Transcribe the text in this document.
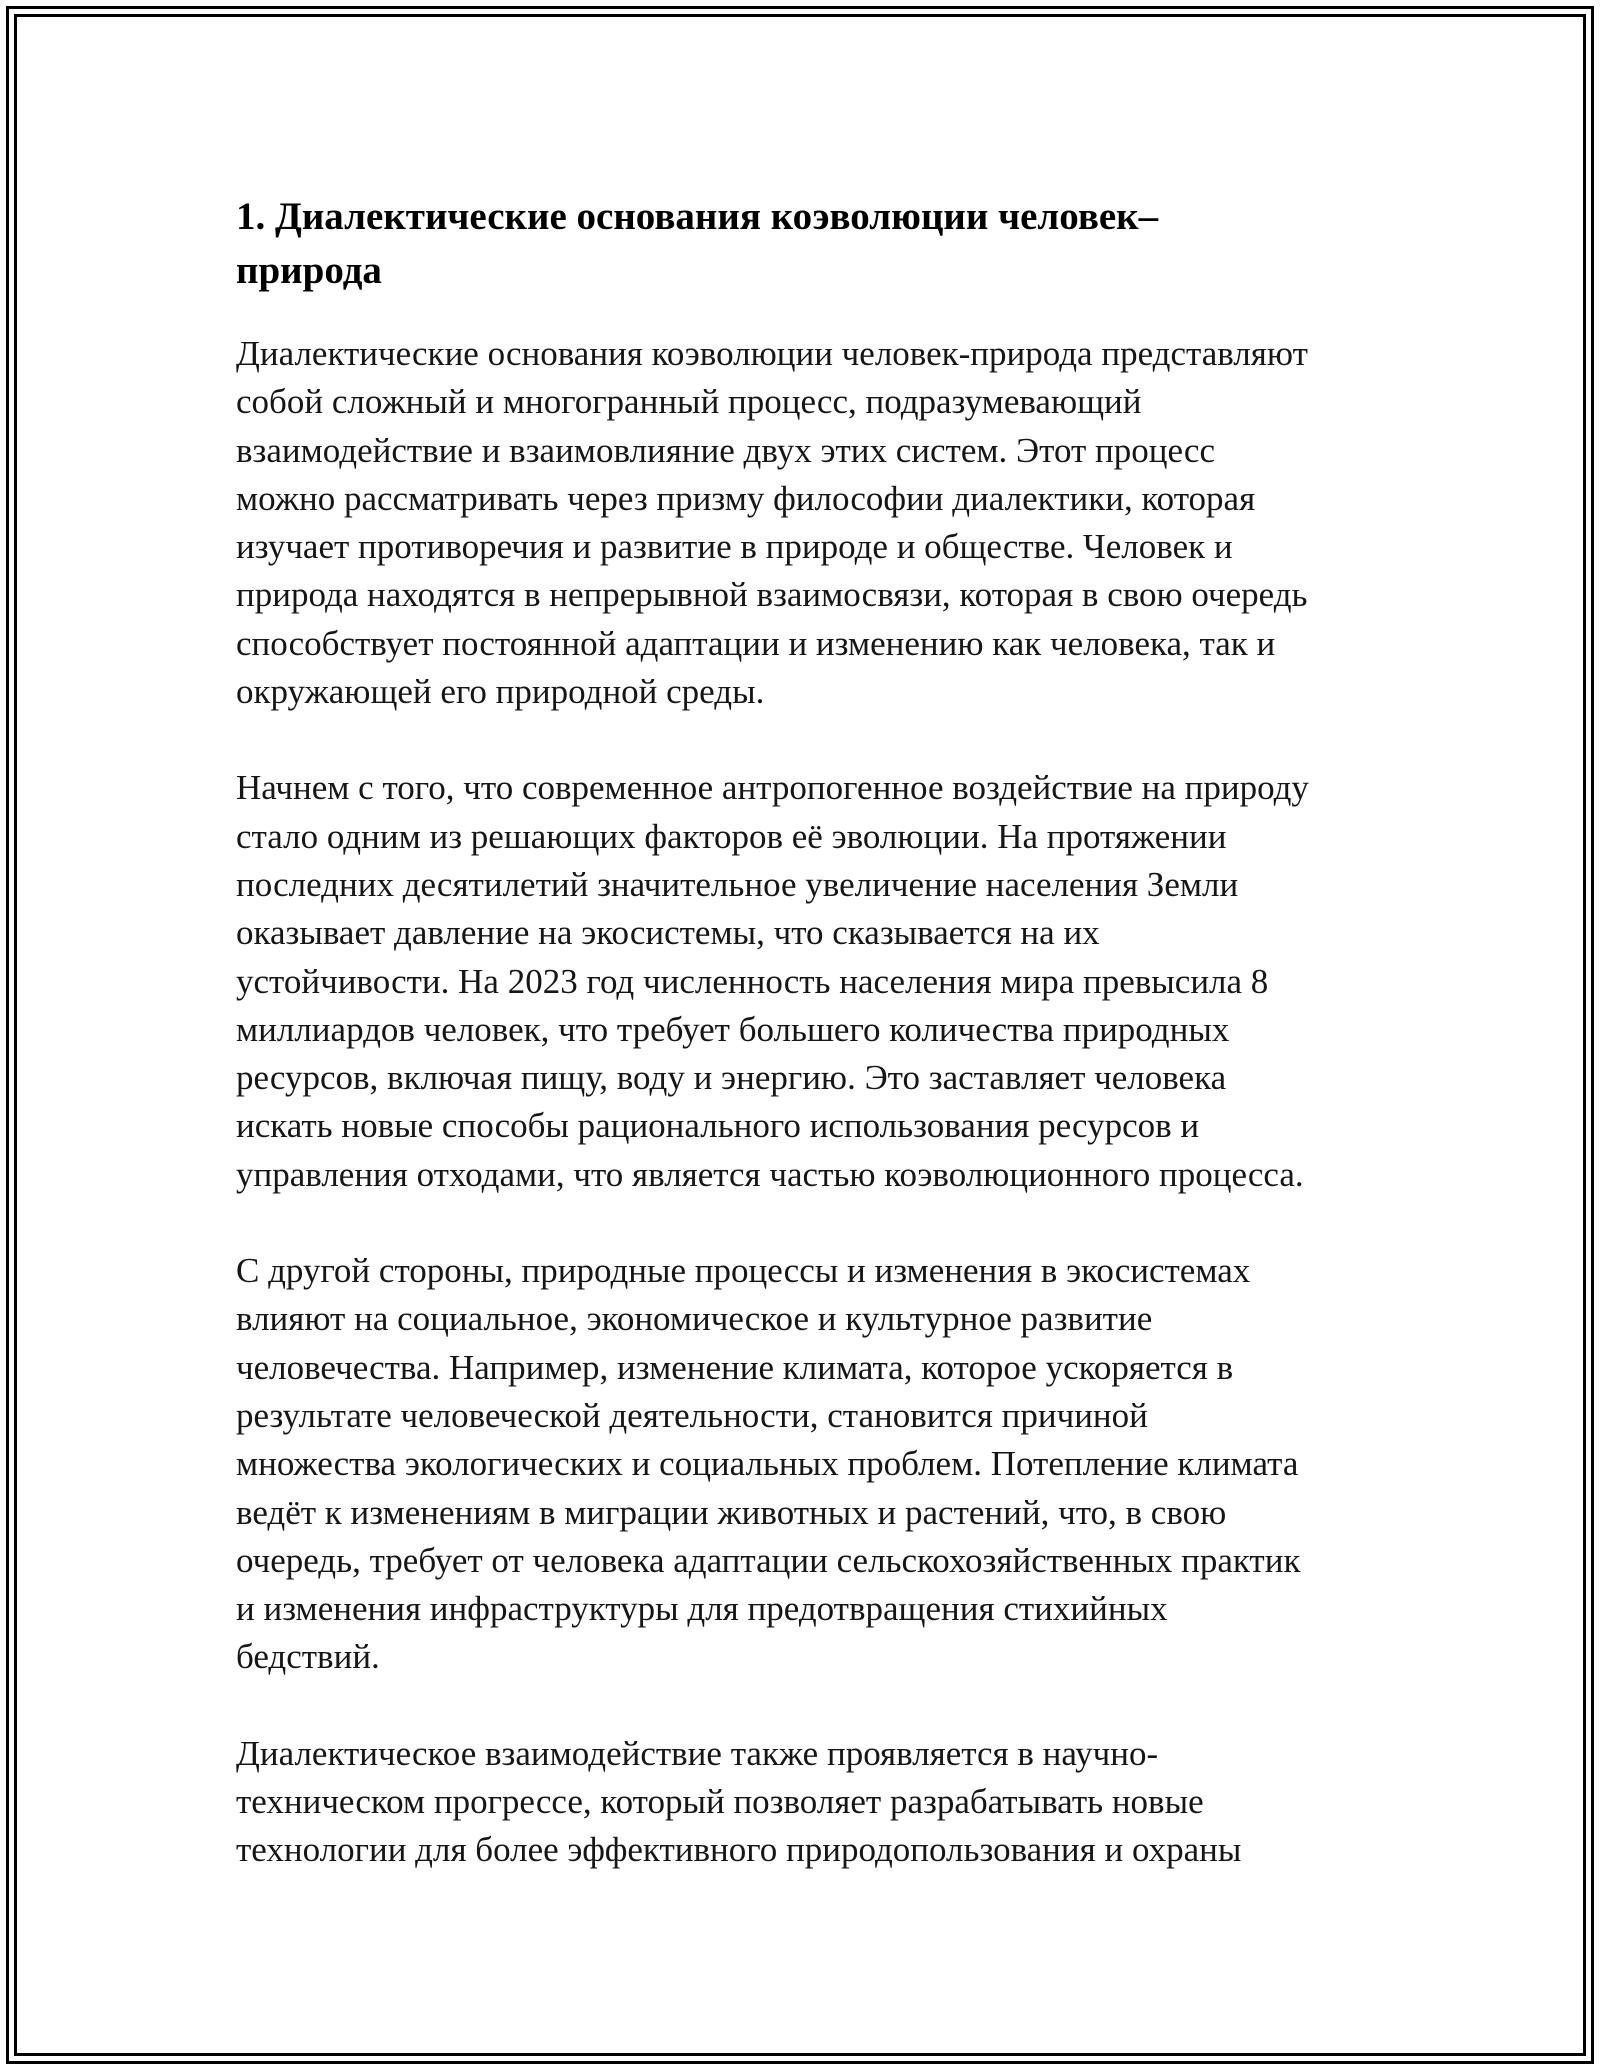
1. Диалектические основания коэволюции человек–природа

Диалектические основания коэволюции человек-природа представляют
собой сложный и многогранный процесс, подразумевающий
взаимодействие и взаимовлияние двух этих систем. Этот процесс
можно рассматривать через призму философии диалектики, которая
изучает противоречия и развитие в природе и обществе. Человек и
природа находятся в непрерывной взаимосвязи, которая в свою очередь
способствует постоянной адаптации и изменению как человека, так и
окружающей его природной среды.

Начнем с того, что современное антропогенное воздействие на природу
стало одним из решающих факторов её эволюции. На протяжении
последних десятилетий значительное увеличение населения Земли
оказывает давление на экосистемы, что сказывается на их
устойчивости. На 2023 год численность населения мира превысила 8
миллиардов человек, что требует большего количества природных
ресурсов, включая пищу, воду и энергию. Это заставляет человека
искать новые способы рационального использования ресурсов и
управления отходами, что является частью коэволюционного процесса.

С другой стороны, природные процессы и изменения в экосистемах
влияют на социальное, экономическое и культурное развитие
человечества. Например, изменение климата, которое ускоряется в
результате человеческой деятельности, становится причиной
множества экологических и социальных проблем. Потепление климата
ведёт к изменениям в миграции животных и растений, что, в свою
очередь, требует от человека адаптации сельскохозяйственных практик
и изменения инфраструктуры для предотвращения стихийных
бедствий.

Диалектическое взаимодействие также проявляется в научно-
техническом прогрессе, который позволяет разрабатывать новые
технологии для более эффективного природопользования и охраны
